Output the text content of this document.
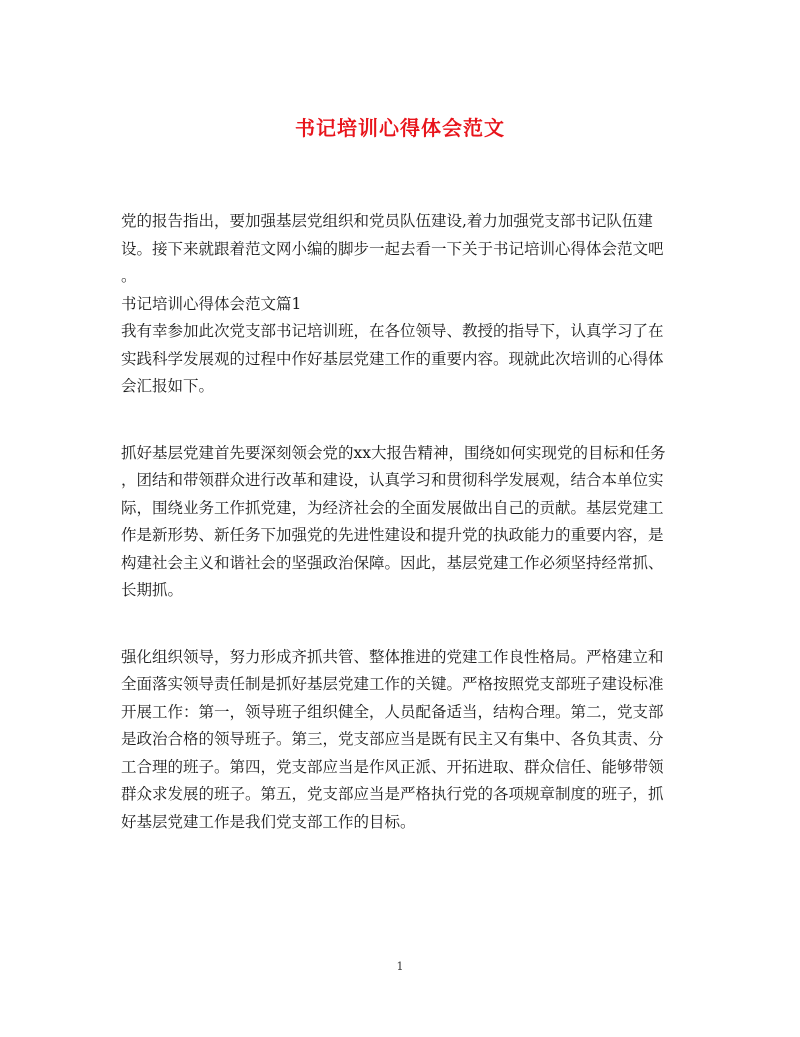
书记培训心得体会范文

党的报告指出，要加强基层党组织和党员队伍建设,着力加强党支部书记队伍建

设。接下来就跟着范文网小编的脚步一起去看一下关于书记培训心得体会范文吧

。

书记培训心得体会范文篇1

我有幸参加此次党支部书记培训班，在各位领导、教授的指导下，认真学习了在

实践科学发展观的过程中作好基层党建工作的重要内容。现就此次培训的心得体

会汇报如下。

抓好基层党建首先要深刻领会党的xx大报告精神，围绕如何实现党的目标和任务

，团结和带领群众进行改革和建设，认真学习和贯彻科学发展观，结合本单位实

际，围绕业务工作抓党建，为经济社会的全面发展做出自己的贡献。基层党建工

作是新形势、新任务下加强党的先进性建设和提升党的执政能力的重要内容，是

构建社会主义和谐社会的坚强政治保障。因此，基层党建工作必须坚持经常抓、

长期抓。

强化组织领导，努力形成齐抓共管、整体推进的党建工作良性格局。严格建立和

全面落实领导责任制是抓好基层党建工作的关键。严格按照党支部班子建设标准

开展工作：第一，领导班子组织健全，人员配备适当，结构合理。第二，党支部

是政治合格的领导班子。第三，党支部应当是既有民主又有集中、各负其责、分

工合理的班子。第四，党支部应当是作风正派、开拓进取、群众信任、能够带领

群众求发展的班子。第五，党支部应当是严格执行党的各项规章制度的班子，抓

好基层党建工作是我们党支部工作的目标。

1
